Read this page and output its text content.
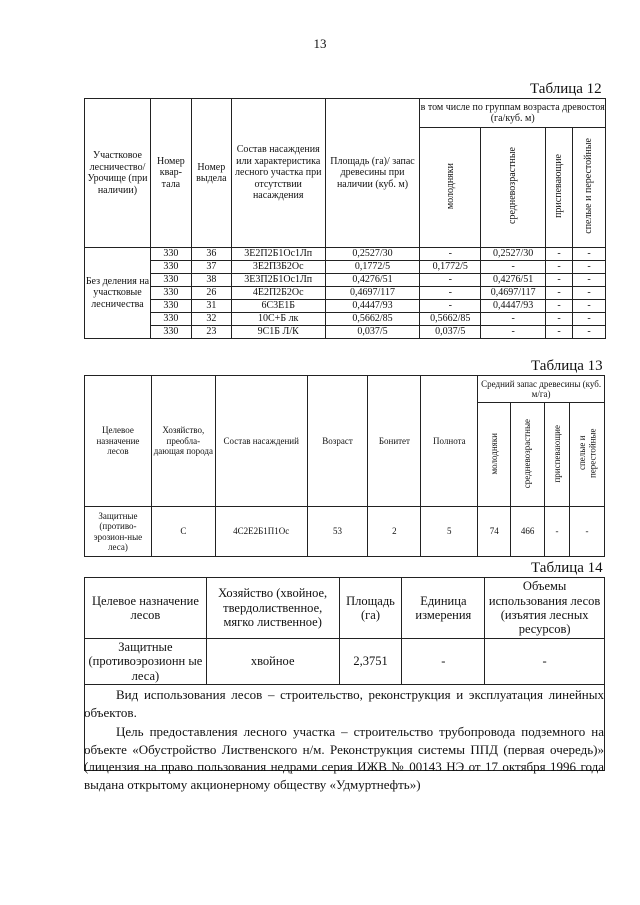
13
Таблица 12
Участковое лесничество/ Урочище (при наличии)	Номер квар-тала	Номер выдела	Состав насаждения или характеристика лесного участка при отсутствии насаждения	Площадь (га)/ запас древесины при наличии (куб. м)	в том числе по группам возраста древостоя (га/куб. м)			
					молодняки	средневозрастные	приспевающие	спелые и перестойные
Без деления на участковые лесничества	330	36	3Е2П2Б1Ос1Лп	0,2527/30	-	0,2527/30	-	-
	330	37	3Е2П3Б2Ос	0,1772/5	0,1772/5	-	-	-
	330	38	3Е3П2Б1Ос1Лп	0,4276/51	-	0,4276/51	-	-
	330	26	4Е2П2Б2Ос	0,4697/117	-	0,4697/117	-	-
	330	31	6С3Е1Б	0,4447/93	-	0,4447/93	-	-
	330	32	10С+Б лк	0,5662/85	0,5662/85	-	-	-
	330	23	9С1Б Л/К	0,037/5	0,037/5	-	-	-
Таблица 13
Целевое назначение лесов	Хозяйство, преобла-дающая порода	Состав насаждений	Возраст	Бонитет	Полнота	Средний запас древесины (куб. м/га)			
						молодняки	средневозрастные	приспевающие	спелые и перестойные
Защитные (противо-эрозион-ные леса)	С	4С2Е2Б1П1Ос	53	2	5	74	466	-	-
Таблица 14
Целевое назначение лесов	Хозяйство (хвойное, твердолиственное, мягко лиственное)	Площадь (га)	Единица измерения	Объемы использования лесов (изъятия лесных ресурсов)
Защитные (противоэрозионн ые леса)	хвойное	2,3751	-	-

Вид использования лесов – строительство, реконструкция и эксплуатация линейных объектов.

Цель предоставления лесного участка – строительство трубопровода подземного на объекте «Обустройство Лиственского н/м. Реконструкция системы ППД (первая очередь)» (лицензия на право пользования недрами серия ИЖВ № 00143 НЭ от 17 октября 1996 года выдана открытому акционерному обществу «Удмуртнефть»)
